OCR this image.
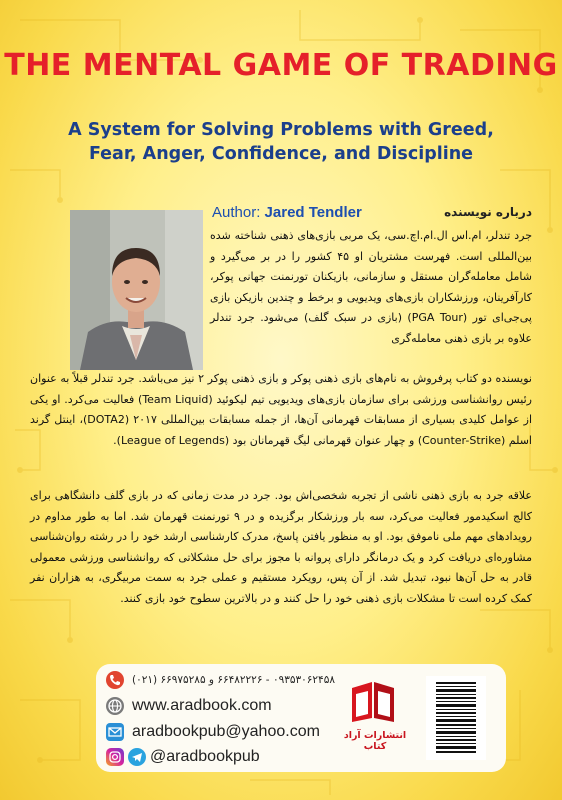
THE MENTAL GAME OF TRADING
A System for Solving Problems with Greed,
Fear, Anger, Confidence, and Discipline
Author: Jared Tendler	درباره نویسنده
جرد تندلر، ام.اس ال.ام.اچ.سی، یک مربی بازی‌های ذهنی شناخته شده بین‌المللی است. فهرست مشتریان او ۴۵ کشور را در بر می‌گیرد و شامل معامله‌گران مستقل و سازمانی، بازیکنان تورنمنت جهانی پوکر، کارآفرینان، ورزشکاران بازی‌های ویدیویی و برخط و چندین بازیکن بازی پی‌جی‌ای تور (PGA Tour) (بازی در سبک گلف) می‌شود. جرد تندلر علاوه بر بازی ذهنی معامله‌گری
نویسنده دو کتاب پرفروش به نام‌های بازی ذهنی پوکر و بازی ذهنی پوکر ۲ نیز می‌باشد. جرد تندلر قبلاً به عنوان رئیس روانشناسی ورزشی برای سازمان بازی‌های ویدیویی تیم لیکوئید (Team Liquid) فعالیت می‌کرد. او یکی از عوامل کلیدی بسیاری از مسابقات قهرمانی آن‌ها، از جمله مسابقات بین‌المللی ۲۰۱۷ (DOTA2)، اینتل گرند اسلم (Counter-Strike) و چهار عنوان قهرمانی لیگ قهرمانان بود (League of Legends).
علاقه جرد به بازی ذهنی ناشی از تجربه شخصی‌اش بود. جرد در مدت زمانی که در بازی گلف دانشگاهی برای کالج اسکیدمور فعالیت می‌کرد، سه بار ورزشکار برگزیده و در ۹ تورنمنت قهرمان شد. اما به طور مداوم در رویدادهای مهم ملی ناموفق بود. او به منظور یافتن پاسخ، مدرک کارشناسی ارشد خود را در رشته روان‌شناسی مشاوره‌ای دریافت کرد و یک درمانگر دارای پروانه با مجوز برای حل مشکلاتی که روانشناسی ورزشی معمولی قادر به حل آن‌ها نبود، تبدیل شد. از آن پس، رویکرد مستقیم و عملی جرد به سمت مربیگری، به هزاران نفر کمک کرده است تا مشکلات بازی ذهنی خود را حل کنند و در بالاترین سطوح خود بازی کنند.
۰۹۳۵۳۰۶۲۴۵۸ - ۶۶۴۸۲۲۲۶ و ۶۶۹۷۵۲۸۵ (۰۲۱)
www.aradbook.com
aradbookpub@yahoo.com
@aradbookpub
انتشارات آراد کتاب
